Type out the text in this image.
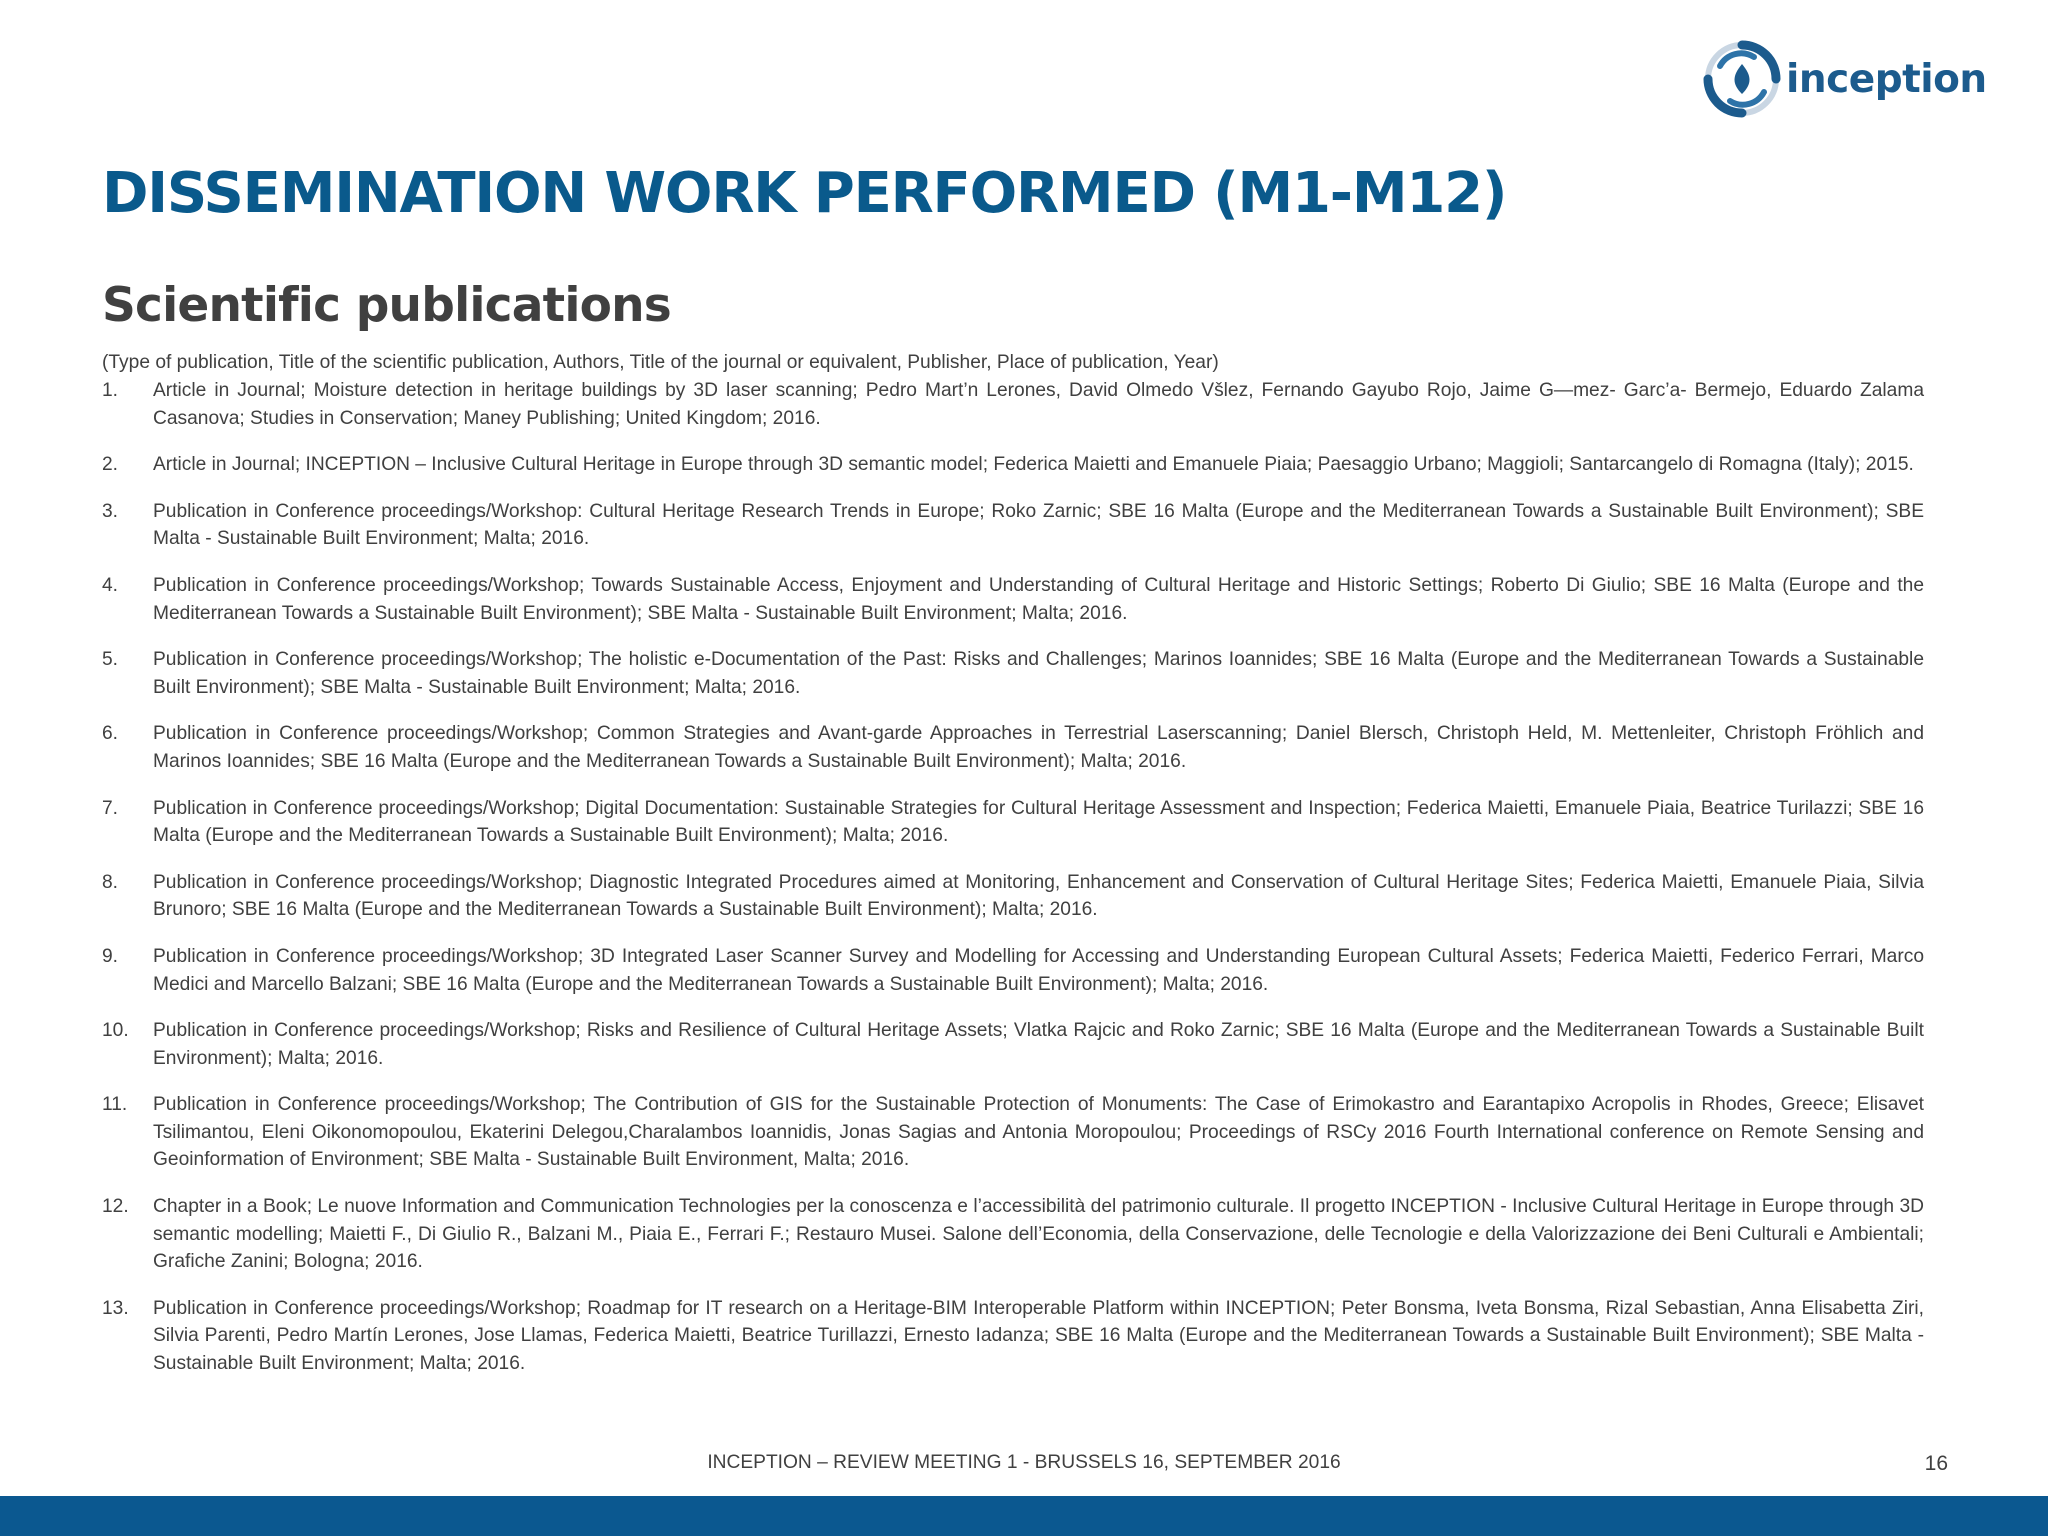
inception
DISSEMINATION WORK PERFORMED (M1-M12)
Scientific publications
(Type of publication, Title of the scientific publication, Authors, Title of the journal or equivalent, Publisher, Place of publication, Year)
1.	Article in Journal; Moisture detection in heritage buildings by 3D laser scanning; Pedro Mart’n Lerones, David Olmedo Všlez, Fernando Gayubo Rojo, Jaime G—mez- Garc’a- Bermejo, Eduardo Zalama Casanova; Studies in Conservation; Maney Publishing; United Kingdom; 2016.
2.	Article in Journal; INCEPTION – Inclusive Cultural Heritage in Europe through 3D semantic model; Federica Maietti and Emanuele Piaia; Paesaggio Urbano; Maggioli; Santarcangelo di Romagna (Italy); 2015.
3.	Publication in Conference proceedings/Workshop: Cultural Heritage Research Trends in Europe; Roko Zarnic; SBE 16 Malta (Europe and the Mediterranean Towards a Sustainable Built Environment); SBE Malta - Sustainable Built Environment; Malta; 2016.
4.	Publication in Conference proceedings/Workshop; Towards Sustainable Access, Enjoyment and Understanding of Cultural Heritage and Historic Settings; Roberto Di Giulio; SBE 16 Malta (Europe and the Mediterranean Towards a Sustainable Built Environment); SBE Malta - Sustainable Built Environment; Malta; 2016.
5.	Publication in Conference proceedings/Workshop; The holistic e-Documentation of the Past: Risks and Challenges; Marinos Ioannides; SBE 16 Malta (Europe and the Mediterranean Towards a Sustainable Built Environment); SBE Malta - Sustainable Built Environment; Malta; 2016.
6.	Publication in Conference proceedings/Workshop; Common Strategies and Avant-garde Approaches in Terrestrial Laserscanning; Daniel Blersch, Christoph Held, M. Mettenleiter, Christoph Fröhlich and Marinos Ioannides; SBE 16 Malta (Europe and the Mediterranean Towards a Sustainable Built Environment); Malta; 2016.
7.	Publication in Conference proceedings/Workshop; Digital Documentation: Sustainable Strategies for Cultural Heritage Assessment and Inspection; Federica Maietti, Emanuele Piaia, Beatrice Turilazzi; SBE 16 Malta (Europe and the Mediterranean Towards a Sustainable Built Environment); Malta; 2016.
8.	Publication in Conference proceedings/Workshop; Diagnostic Integrated Procedures aimed at Monitoring, Enhancement and Conservation of Cultural Heritage Sites; Federica Maietti, Emanuele Piaia, Silvia Brunoro; SBE 16 Malta (Europe and the Mediterranean Towards a Sustainable Built Environment); Malta; 2016.
9.	Publication in Conference proceedings/Workshop; 3D Integrated Laser Scanner Survey and Modelling for Accessing and Understanding European Cultural Assets; Federica Maietti, Federico Ferrari, Marco Medici and Marcello Balzani; SBE 16 Malta (Europe and the Mediterranean Towards a Sustainable Built Environment); Malta; 2016.
10.	Publication in Conference proceedings/Workshop; Risks and Resilience of Cultural Heritage Assets; Vlatka Rajcic and Roko Zarnic; SBE 16 Malta (Europe and the Mediterranean Towards a Sustainable Built Environment); Malta; 2016.
11.	Publication in Conference proceedings/Workshop; The Contribution of GIS for the Sustainable Protection of Monuments: The Case of Erimokastro and Earantapixo Acropolis in Rhodes, Greece; Elisavet Tsilimantou, Eleni Oikonomopoulou, Ekaterini Delegou,Charalambos Ioannidis, Jonas Sagias and Antonia Moropoulou; Proceedings of RSCy 2016 Fourth International conference on Remote Sensing and Geoinformation of Environment; SBE Malta - Sustainable Built Environment, Malta; 2016.
12.	Chapter in a Book; Le nuove Information and Communication Technologies per la conoscenza e l’accessibilità del patrimonio culturale. Il progetto INCEPTION - Inclusive Cultural Heritage in Europe through 3D semantic modelling; Maietti F., Di Giulio R., Balzani M., Piaia E., Ferrari F.; Restauro Musei. Salone dell’Economia, della Conservazione, delle Tecnologie e della Valorizzazione dei Beni Culturali e Ambientali; Grafiche Zanini; Bologna; 2016.
13.	Publication in Conference proceedings/Workshop; Roadmap for IT research on a Heritage-BIM Interoperable Platform within INCEPTION; Peter Bonsma, Iveta Bonsma, Rizal Sebastian, Anna Elisabetta Ziri, Silvia Parenti, Pedro Martín Lerones, Jose Llamas, Federica Maietti, Beatrice Turillazzi, Ernesto Iadanza; SBE 16 Malta (Europe and the Mediterranean Towards a Sustainable Built Environment); SBE Malta - Sustainable Built Environment; Malta; 2016.
INCEPTION – REVIEW MEETING 1 - BRUSSELS 16, SEPTEMBER 2016	16
